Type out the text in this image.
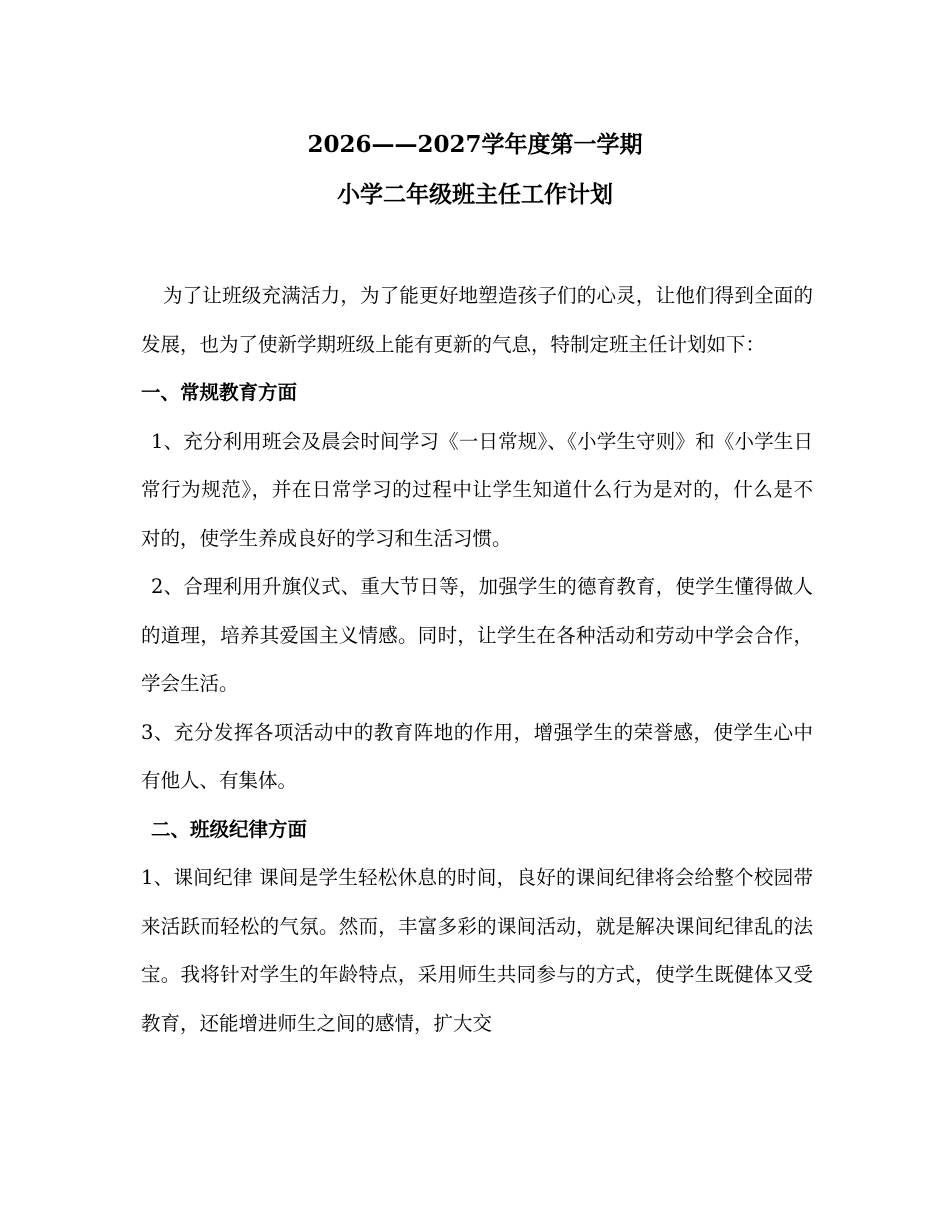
2026——2027学年度第一学期
小学二年级班主任工作计划

为了让班级充满活力，为了能更好地塑造孩子们的心灵，让他们得到全面的发展，也为了使新学期班级上能有更新的气息，特制定班主任计划如下：

一、常规教育方面

1、充分利用班会及晨会时间学习《一日常规》、《小学生守则》和《小学生日常行为规范》，并在日常学习的过程中让学生知道什么行为是对的，什么是不对的，使学生养成良好的学习和生活习惯。

2、合理利用升旗仪式、重大节日等，加强学生的德育教育，使学生懂得做人的道理，培养其爱国主义情感。同时，让学生在各种活动和劳动中学会合作，学会生活。

3、充分发挥各项活动中的教育阵地的作用，增强学生的荣誉感，使学生心中有他人、有集体。

二、班级纪律方面

1、课间纪律 课间是学生轻松休息的时间，良好的课间纪律将会给整个校园带来活跃而轻松的气氛。然而，丰富多彩的课间活动，就是解决课间纪律乱的法宝。我将针对学生的年龄特点，采用师生共同参与的方式，使学生既健体又受教育，还能增进师生之间的感情，扩大交
